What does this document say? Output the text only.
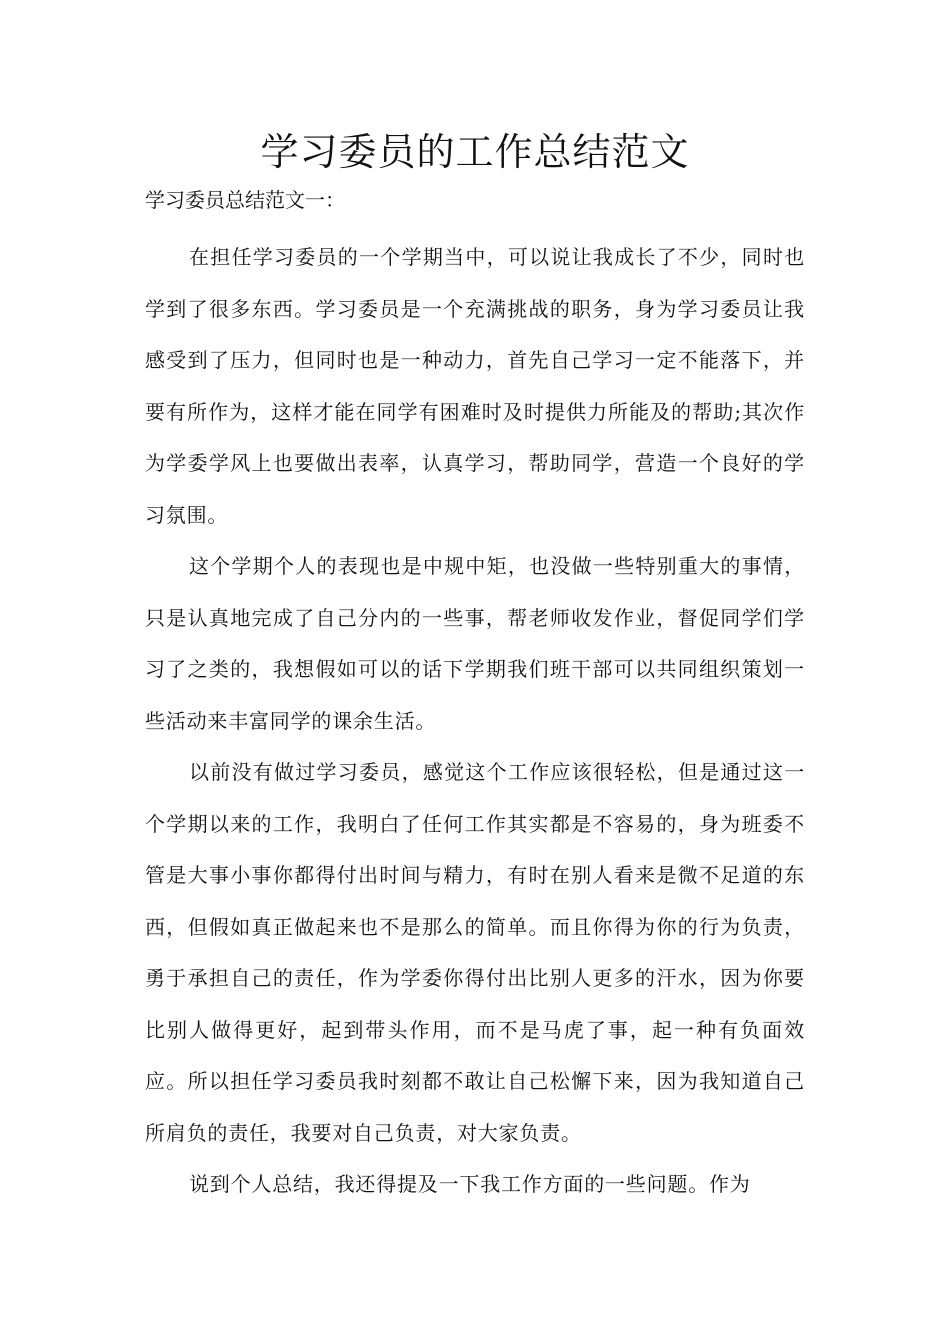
学习委员的工作总结范文

学习委员总结范文一：

在担任学习委员的一个学期当中，可以说让我成长了不少，同时也学到了很多东西。学习委员是一个充满挑战的职务，身为学习委员让我感受到了压力，但同时也是一种动力，首先自己学习一定不能落下，并要有所作为，这样才能在同学有困难时及时提供力所能及的帮助;其次作为学委学风上也要做出表率，认真学习，帮助同学，营造一个良好的学习氛围。

这个学期个人的表现也是中规中矩，也没做一些特别重大的事情，只是认真地完成了自己分内的一些事，帮老师收发作业，督促同学们学习了之类的，我想假如可以的话下学期我们班干部可以共同组织策划一些活动来丰富同学的课余生活。

以前没有做过学习委员，感觉这个工作应该很轻松，但是通过这一个学期以来的工作，我明白了任何工作其实都是不容易的，身为班委不管是大事小事你都得付出时间与精力，有时在别人看来是微不足道的东西，但假如真正做起来也不是那么的简单。而且你得为你的行为负责，勇于承担自己的责任，作为学委你得付出比别人更多的汗水，因为你要比别人做得更好，起到带头作用，而不是马虎了事，起一种有负面效应。所以担任学习委员我时刻都不敢让自己松懈下来，因为我知道自己所肩负的责任，我要对自己负责，对大家负责。

说到个人总结，我还得提及一下我工作方面的一些问题。作为
